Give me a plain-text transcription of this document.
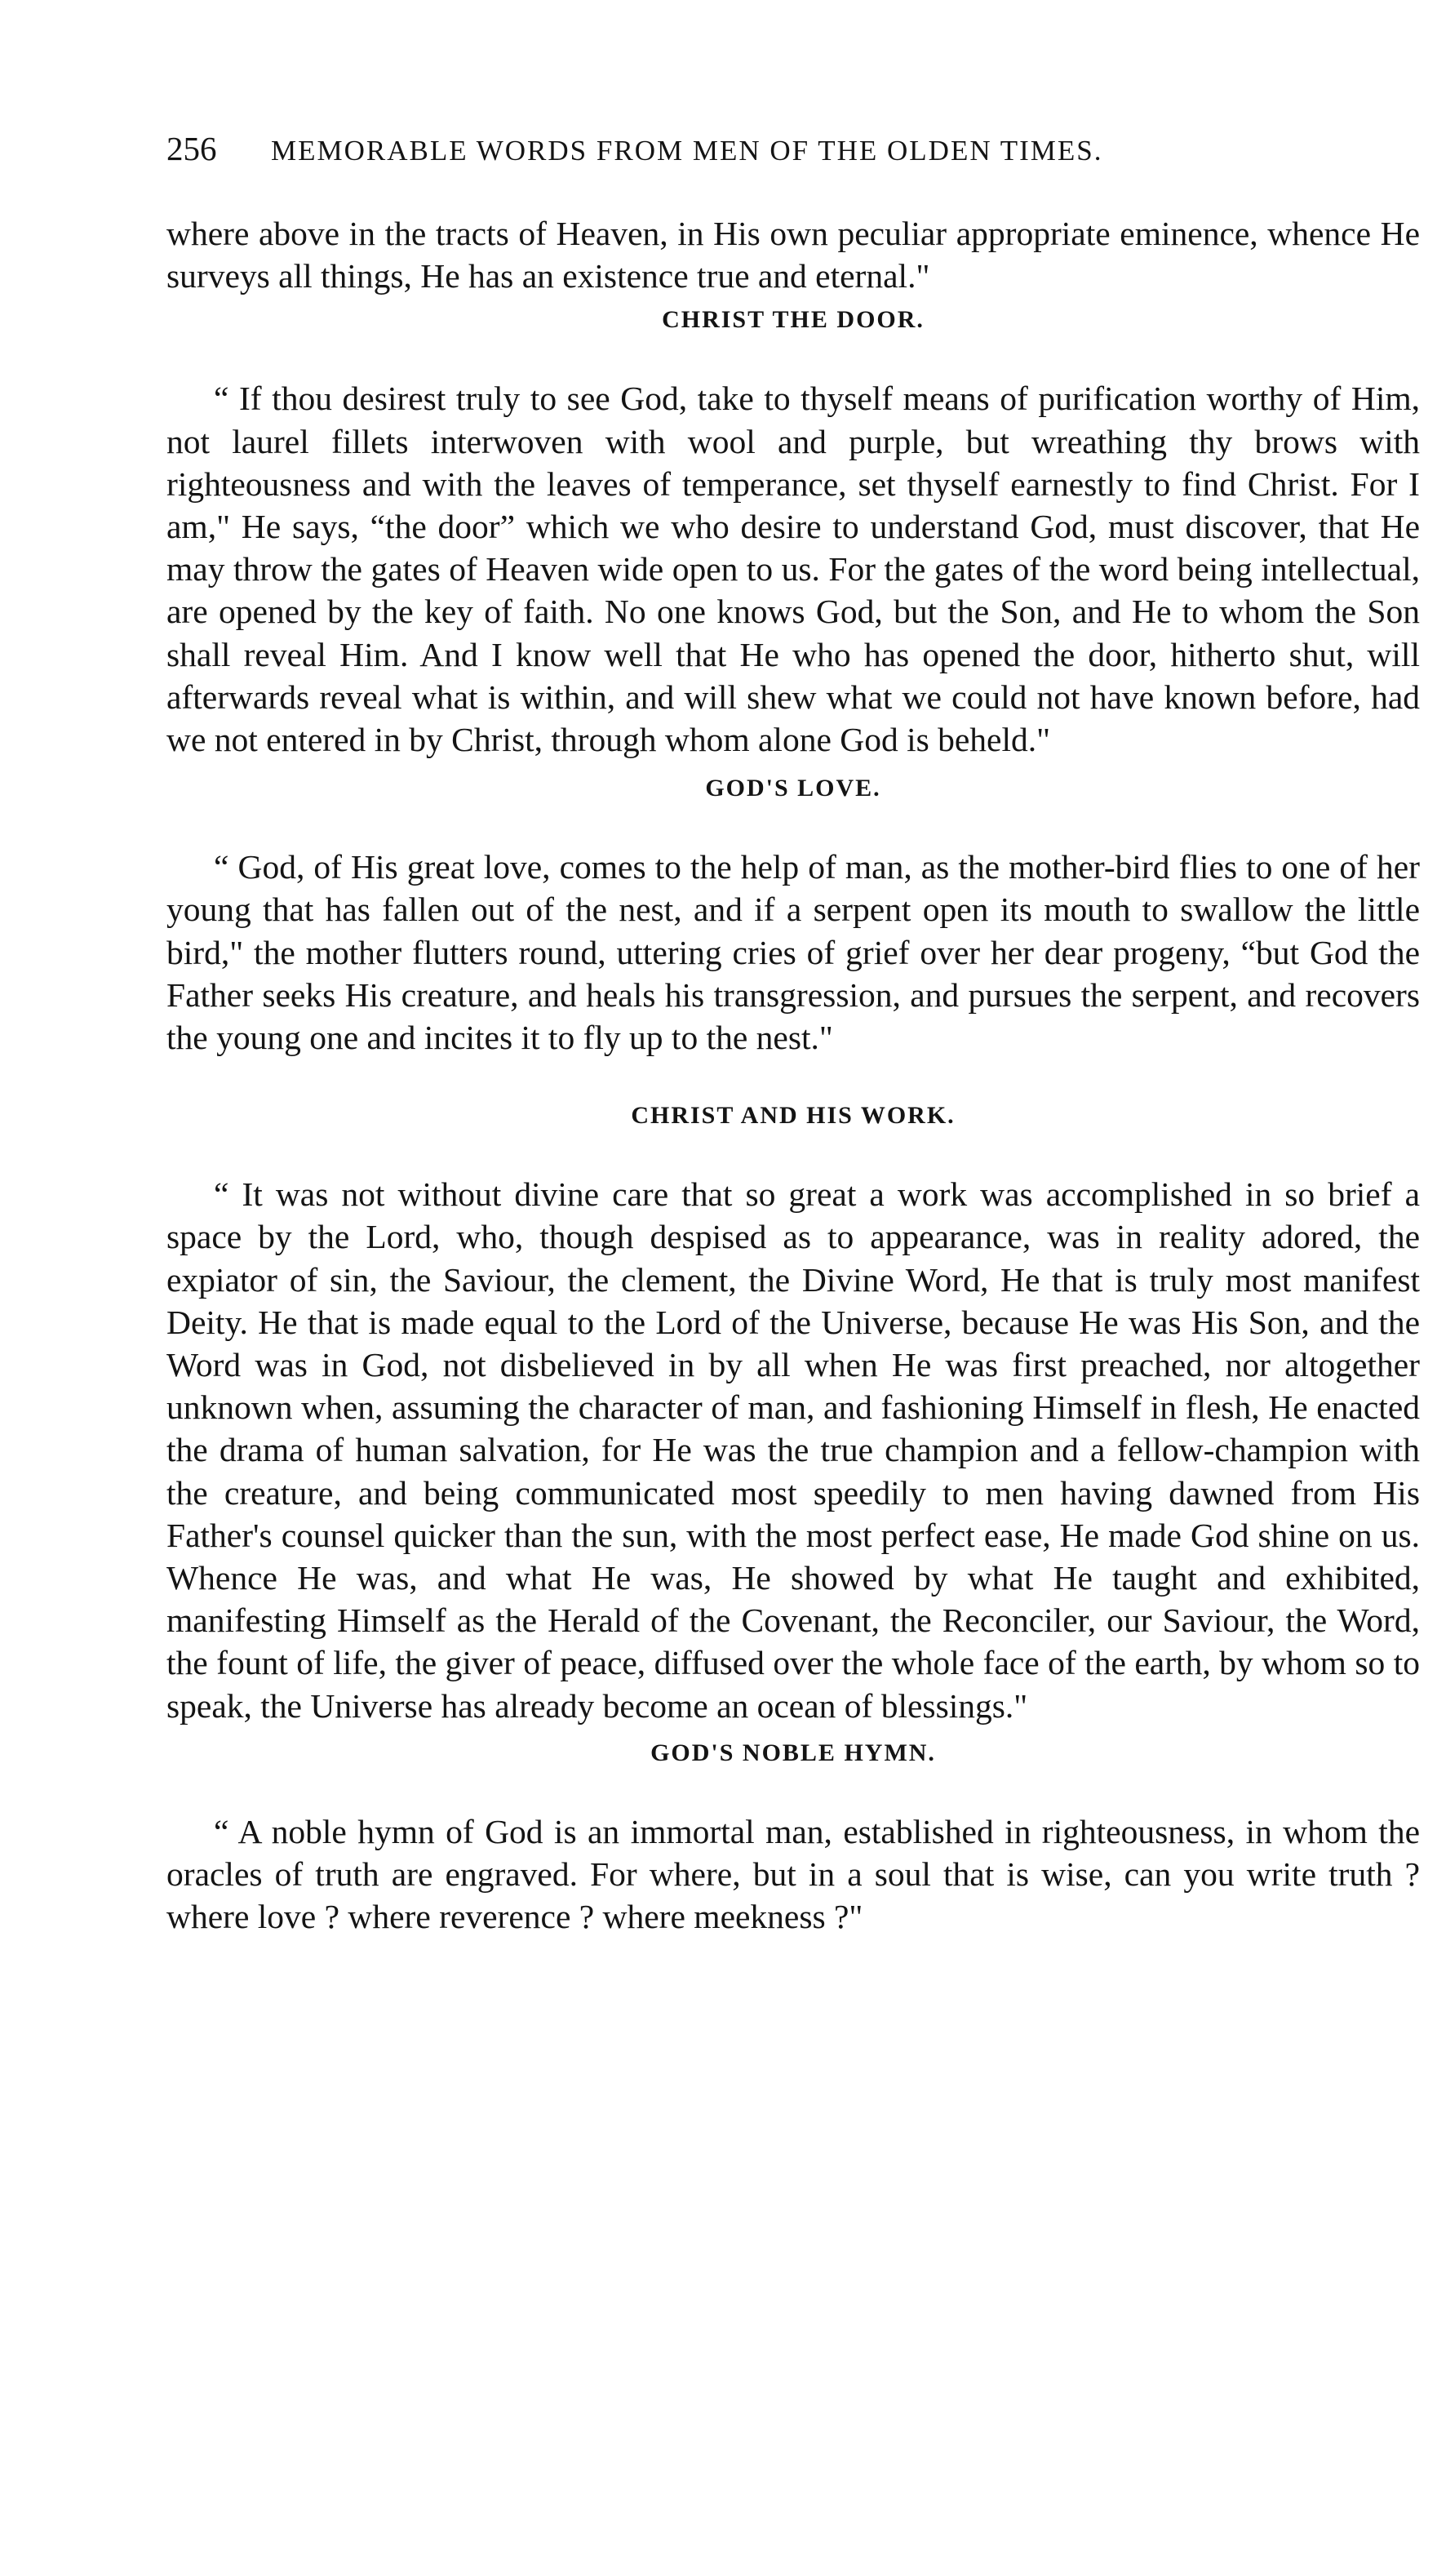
256	MEMORABLE WORDS FROM MEN OF THE OLDEN TIMES.

where above in the tracts of Heaven, in His own peculiar appropriate eminence, whence He surveys all things, He has an existence true and eternal."

CHRIST THE DOOR.

“ If thou desirest truly to see God, take to thyself means of purification worthy of Him, not laurel fillets interwoven with wool and purple, but wreathing thy brows with righteousness and with the leaves of temperance, set thyself earnestly to find Christ. For I am," He says, “the door” which we who desire to understand God, must discover, that He may throw the gates of Heaven wide open to us. For the gates of the word being intellectual, are opened by the key of faith. No one knows God, but the Son, and He to whom the Son shall reveal Him. And I know well that He who has opened the door, hitherto shut, will afterwards reveal what is within, and will shew what we could not have known before, had we not entered in by Christ, through whom alone God is beheld."

GOD'S LOVE.

“ God, of His great love, comes to the help of man, as the mother-bird flies to one of her young that has fallen out of the nest, and if a serpent open its mouth to swallow the little bird," the mother flutters round, uttering cries of grief over her dear progeny, “but God the Father seeks His creature, and heals his transgression, and pursues the serpent, and recovers the young one and incites it to fly up to the nest."

CHRIST AND HIS WORK.

“ It was not without divine care that so great a work was accomplished in so brief a space by the Lord, who, though despised as to appearance, was in reality adored, the expiator of sin, the Saviour, the clement, the Divine Word, He that is truly most manifest Deity. He that is made equal to the Lord of the Universe, because He was His Son, and the Word was in God, not disbelieved in by all when He was first preached, nor altogether unknown when, assuming the character of man, and fashioning Himself in flesh, He enacted the drama of human salvation, for He was the true champion and a fellow-champion with the creature, and being communicated most speedily to men having dawned from His Father's counsel quicker than the sun, with the most perfect ease, He made God shine on us. Whence He was, and what He was, He showed by what He taught and exhibited, manifesting Himself as the Herald of the Covenant, the Reconciler, our Saviour, the Word, the fount of life, the giver of peace, diffused over the whole face of the earth, by whom so to speak, the Universe has already become an ocean of blessings."

GOD'S NOBLE HYMN.

“ A noble hymn of God is an immortal man, established in righteousness, in whom the oracles of truth are engraved. For where, but in a soul that is wise, can you write truth ? where love ? where reverence ? where meekness ?"
